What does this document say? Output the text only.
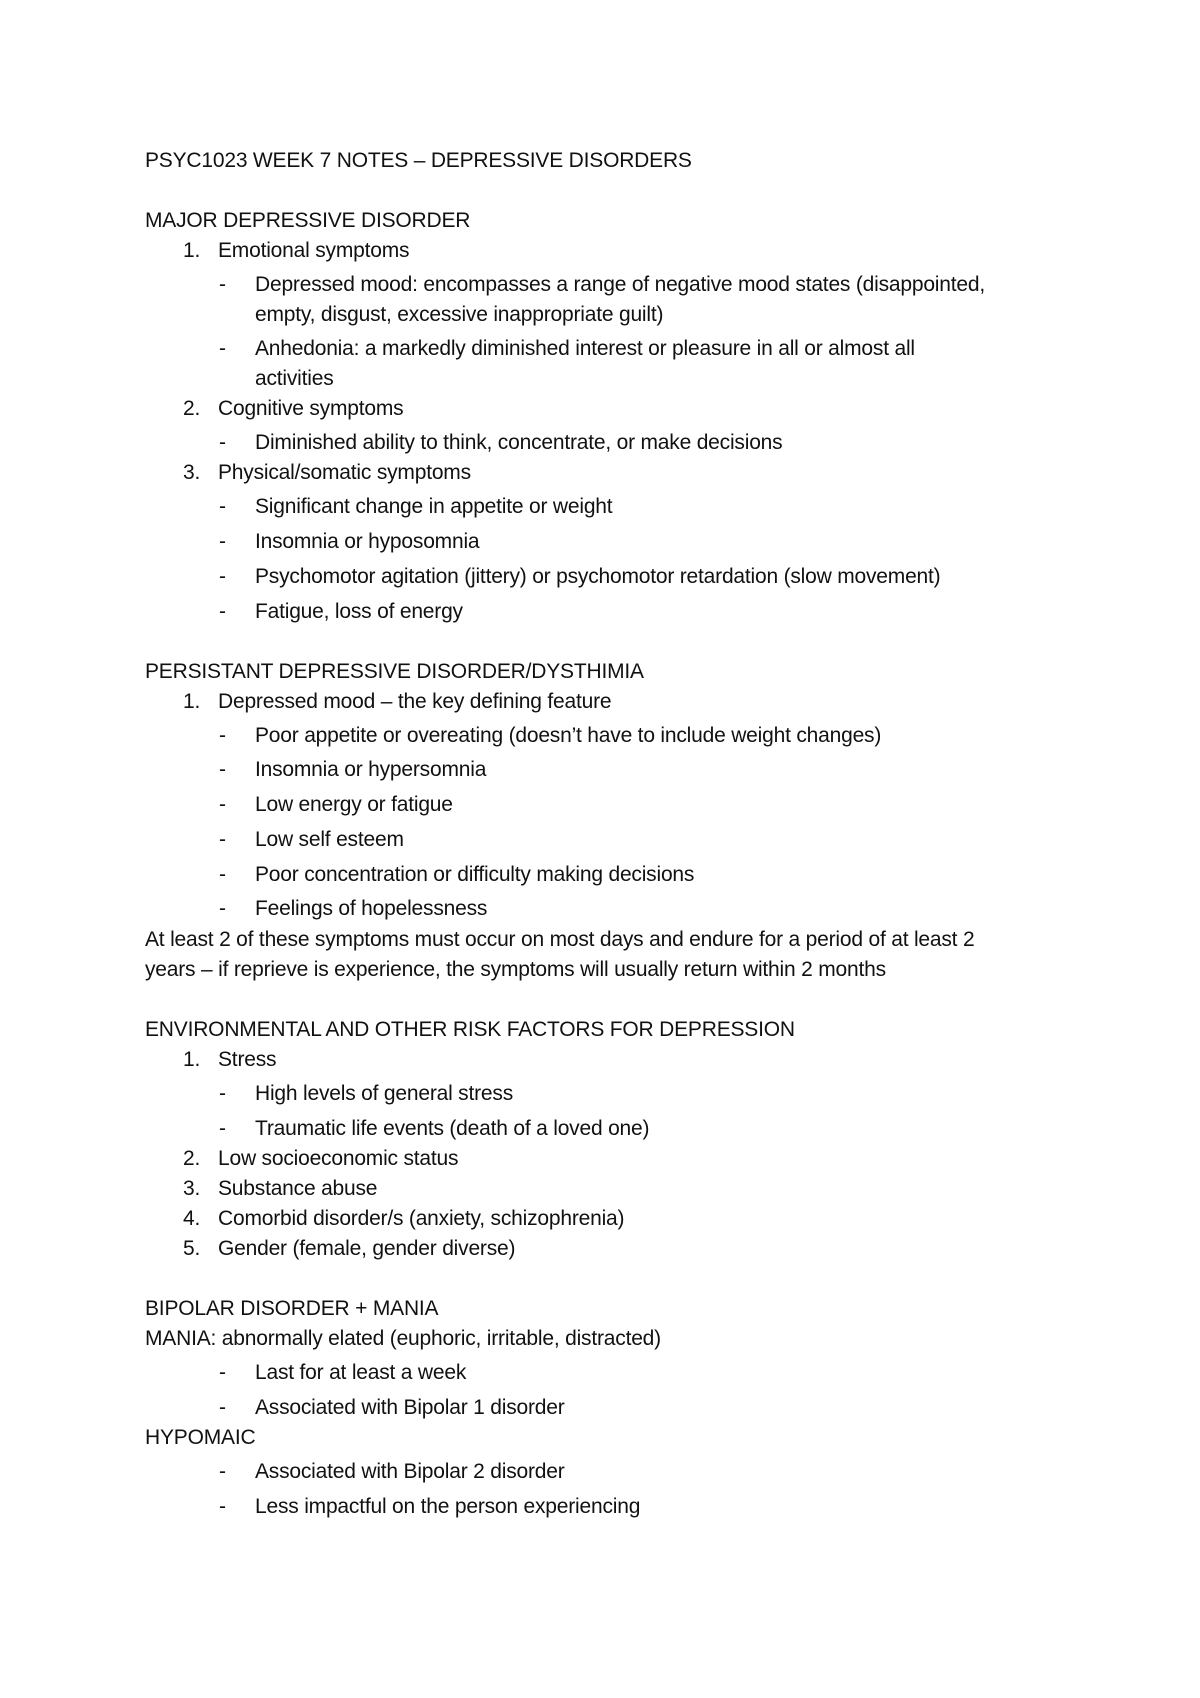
PSYC1023 WEEK 7 NOTES – DEPRESSIVE DISORDERS
MAJOR DEPRESSIVE DISORDER
1. Emotional symptoms
- Depressed mood: encompasses a range of negative mood states (disappointed,
empty, disgust, excessive inappropriate guilt)
- Anhedonia: a markedly diminished interest or pleasure in all or almost all
activities
2. Cognitive symptoms
- Diminished ability to think, concentrate, or make decisions
3. Physical/somatic symptoms
- Significant change in appetite or weight
- Insomnia or hyposomnia
- Psychomotor agitation (jittery) or psychomotor retardation (slow movement)
- Fatigue, loss of energy
PERSISTANT DEPRESSIVE DISORDER/DYSTHIMIA
1. Depressed mood – the key defining feature
- Poor appetite or overeating (doesn’t have to include weight changes)
- Insomnia or hypersomnia
- Low energy or fatigue
- Low self esteem
- Poor concentration or difficulty making decisions
- Feelings of hopelessness
At least 2 of these symptoms must occur on most days and endure for a period of at least 2
years – if reprieve is experience, the symptoms will usually return within 2 months
ENVIRONMENTAL AND OTHER RISK FACTORS FOR DEPRESSION
1. Stress
- High levels of general stress
- Traumatic life events (death of a loved one)
2. Low socioeconomic status
3. Substance abuse
4. Comorbid disorder/s (anxiety, schizophrenia)
5. Gender (female, gender diverse)
BIPOLAR DISORDER + MANIA
MANIA: abnormally elated (euphoric, irritable, distracted)
- Last for at least a week
- Associated with Bipolar 1 disorder
HYPOMAIC
- Associated with Bipolar 2 disorder
- Less impactful on the person experiencing
